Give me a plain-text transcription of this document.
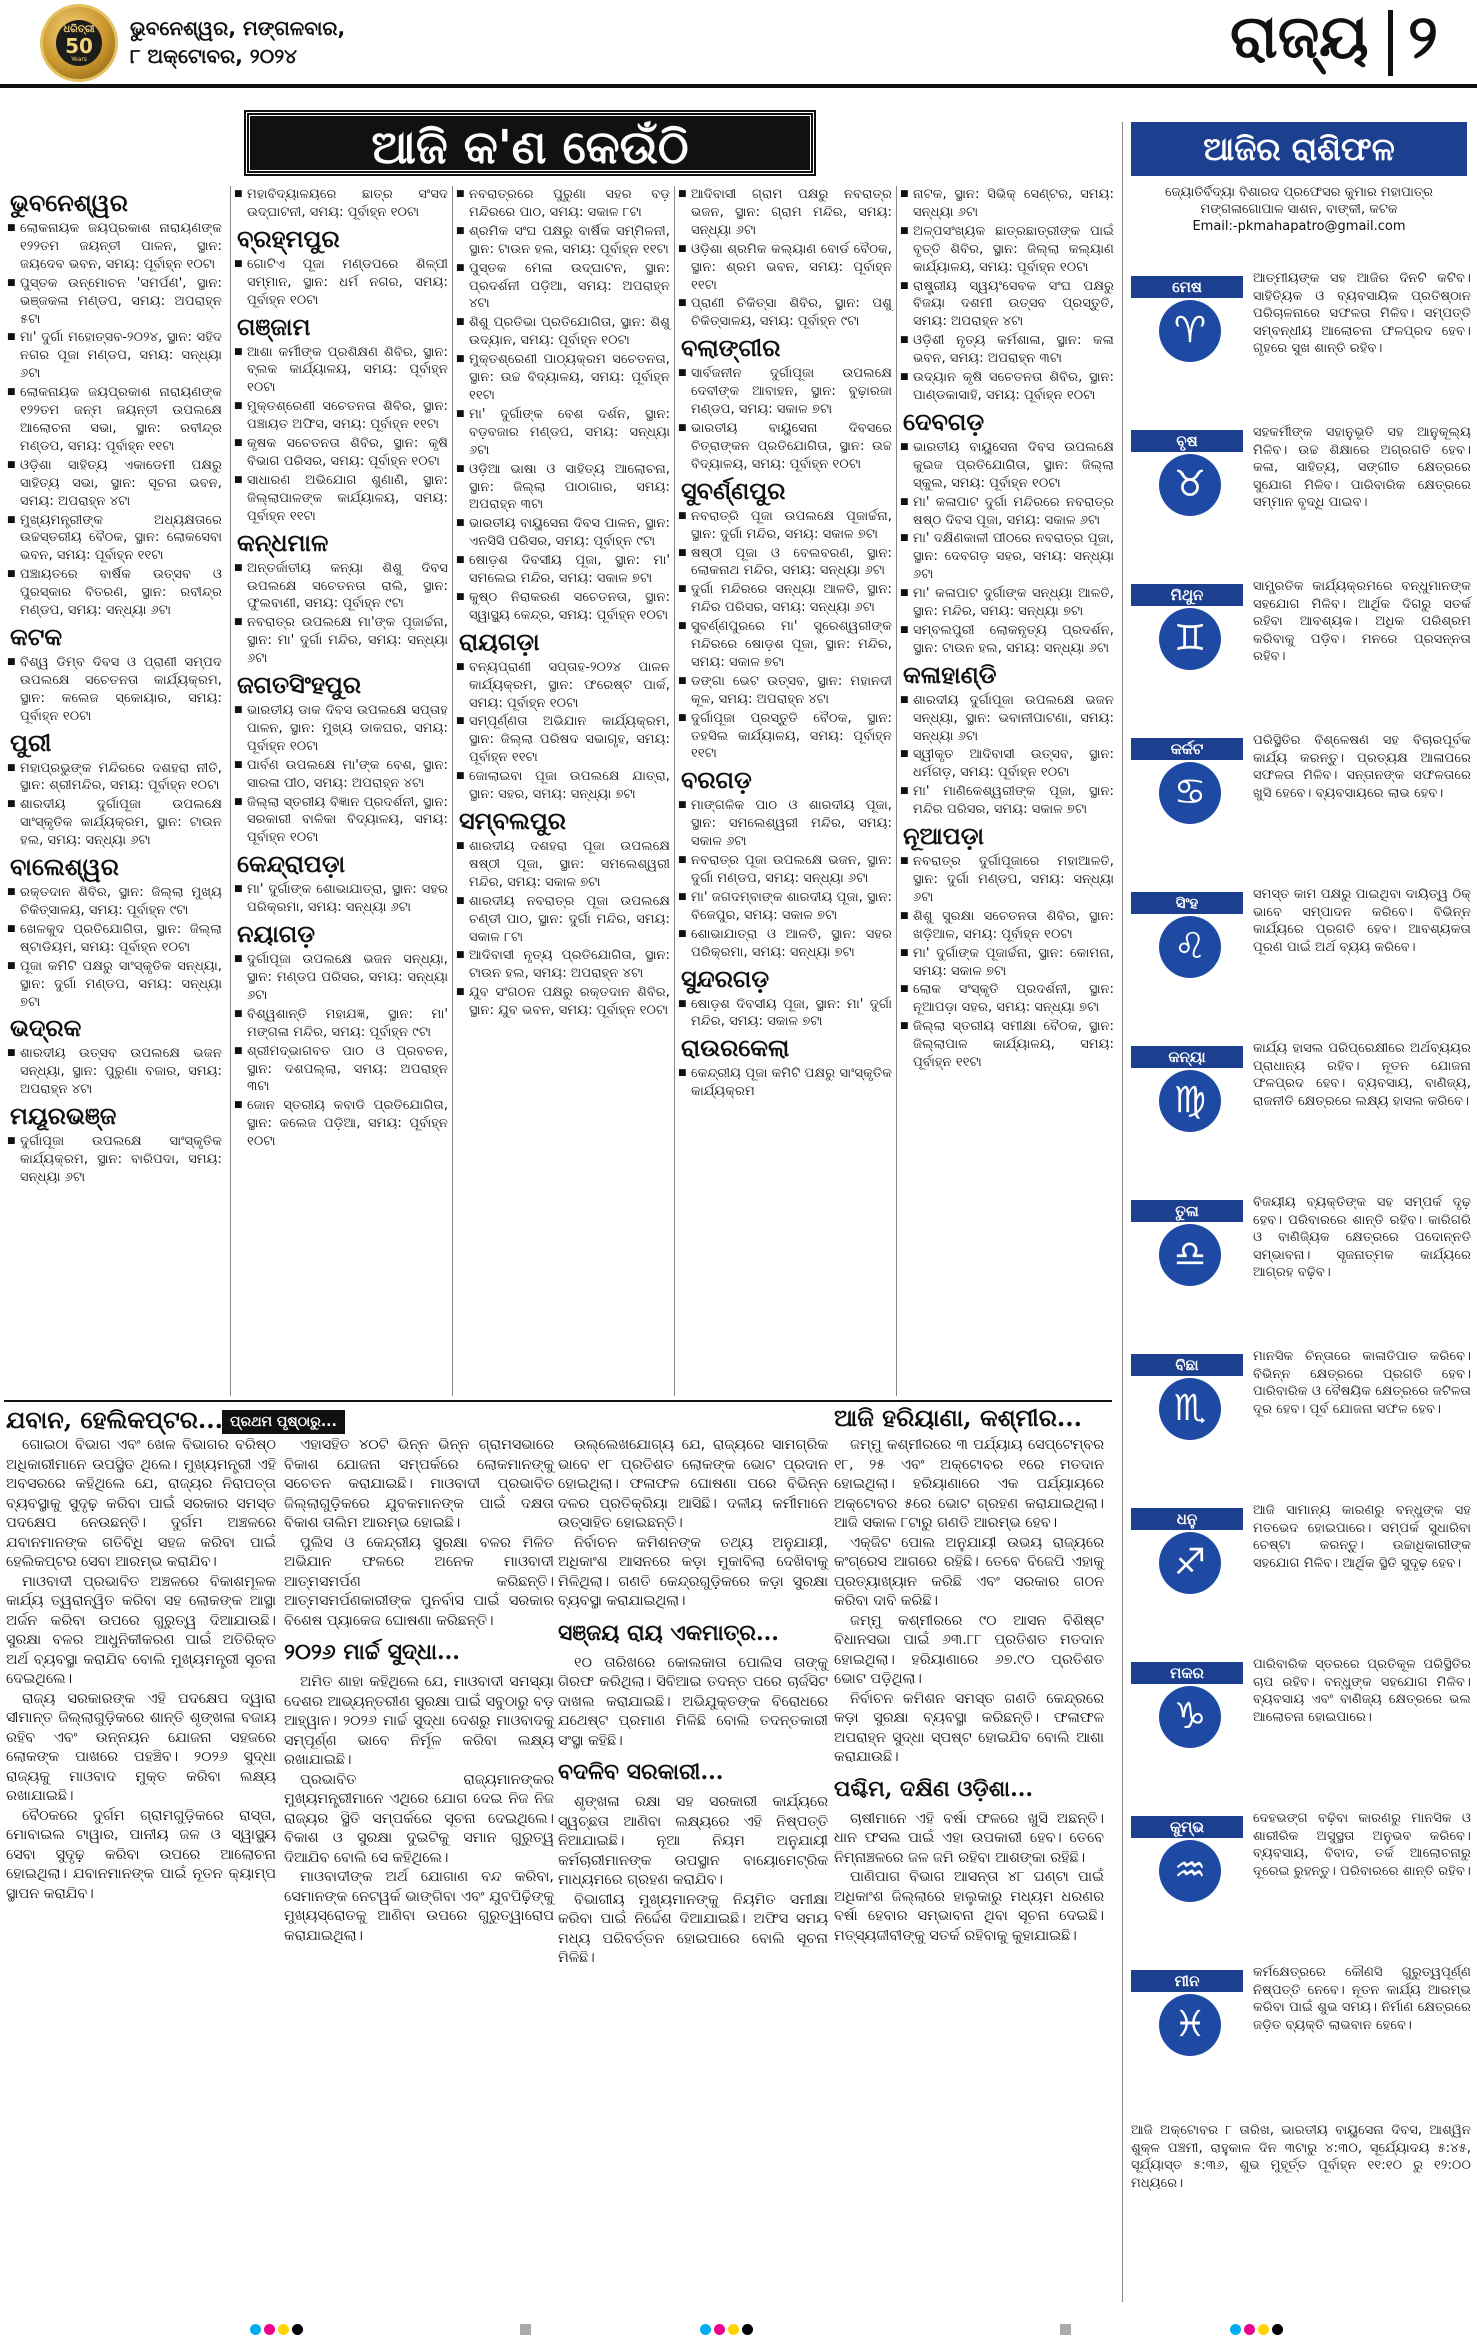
ଧରିତ୍ରୀ
50
Years
ଭୁବନେଶ୍ୱର, ମଙ୍ଗଳବାର,
୮ ଅକ୍ଟୋବର, ୨୦୨୪	ରାଜ୍ୟ ୨
ଆଜି କ'ଣ କେଉଁଠି
ଭୁବନେଶ୍ୱର
■ ଲୋକନାୟକ ଜୟପ୍ରକାଶ ନାରାୟଣଙ୍କ ୧୨୨ତମ ଜୟନ୍ତୀ ପାଳନ, ସ୍ଥାନ: ଜୟଦେବ ଭବନ, ସମୟ: ପୂର୍ବାହ୍ନ ୧୦ଟା
■ ପୁସ୍ତକ ଉନ୍ମୋଚନ 'ସମର୍ପଣ', ସ୍ଥାନ: ଭଞ୍ଜକଳା ମଣ୍ଡପ, ସମୟ: ଅପରାହ୍ନ ୫ଟା
■ ମା' ଦୁର୍ଗା ମହୋତ୍ସବ-୨୦୨୪, ସ୍ଥାନ: ସହିଦ ନଗର ପୂଜା ମଣ୍ଡପ, ସମୟ: ସନ୍ଧ୍ୟା ୬ଟା
■ ଲୋକନାୟକ ଜୟପ୍ରକାଶ ନାରାୟଣଙ୍କ ୧୨୨ତମ ଜନ୍ମ ଜୟନ୍ତୀ ଉପଲକ୍ଷେ ଆଲୋଚନା ସଭା, ସ୍ଥାନ: ରବୀନ୍ଦ୍ର ମଣ୍ଡପ, ସମୟ: ପୂର୍ବାହ୍ନ ୧୧ଟା
■ ଓଡ଼ିଶା ସାହିତ୍ୟ ଏକାଡେମୀ ପକ୍ଷରୁ ସାହିତ୍ୟ ସଭା, ସ୍ଥାନ: ସୂଚନା ଭବନ, ସମୟ: ଅପରାହ୍ନ ୪ଟା
■ ମୁଖ୍ୟମନ୍ତ୍ରୀଙ୍କ ଅଧ୍ୟକ୍ଷତାରେ ଉଚ୍ଚସ୍ତରୀୟ ବୈଠକ, ସ୍ଥାନ: ଲୋକସେବା ଭବନ, ସମୟ: ପୂର୍ବାହ୍ନ ୧୧ଟା
■ ପଞ୍ଚାୟତରେ ବାର୍ଷିକ ଉତ୍ସବ ଓ ପୁରସ୍କାର ବିତରଣ, ସ୍ଥାନ: ରବୀନ୍ଦ୍ର ମଣ୍ଡପ, ସମୟ: ସନ୍ଧ୍ୟା ୬ଟା
କଟକ
■ ବିଶ୍ୱ ଡିମ୍ବ ଦିବସ ଓ ପ୍ରାଣୀ ସମ୍ପଦ ଉପଲକ୍ଷେ ସଚେତନତା କାର୍ଯ୍ୟକ୍ରମ, ସ୍ଥାନ: କଲେଜ ସ୍କୋୟାର, ସମୟ: ପୂର୍ବାହ୍ନ ୧୦ଟା
ପୁରୀ
■ ମହାପ୍ରଭୁଙ୍କ ମନ୍ଦିରରେ ଦଶହରା ନୀତି, ସ୍ଥାନ: ଶ୍ରୀମନ୍ଦିର, ସମୟ: ପୂର୍ବାହ୍ନ ୧୦ଟା
■ ଶାରଦୀୟ ଦୁର୍ଗାପୂଜା ଉପଲକ୍ଷେ ସାଂସ୍କୃତିକ କାର୍ଯ୍ୟକ୍ରମ, ସ୍ଥାନ: ଟାଉନ ହଲ, ସମୟ: ସନ୍ଧ୍ୟା ୬ଟା
ବାଲେଶ୍ୱର
■ ରକ୍ତଦାନ ଶିବିର, ସ୍ଥାନ: ଜିଲ୍ଲା ମୁଖ୍ୟ ଚିକିତ୍ସାଳୟ, ସମୟ: ପୂର୍ବାହ୍ନ ୯ଟା
■ ଖେଳକୁଦ ପ୍ରତିଯୋଗିତା, ସ୍ଥାନ: ଜିଲ୍ଲା ଷ୍ଟାଡିୟମ, ସମୟ: ପୂର୍ବାହ୍ନ ୧୦ଟା
■ ପୂଜା କମିଟି ପକ୍ଷରୁ ସାଂସ୍କୃତିକ ସନ୍ଧ୍ୟା, ସ୍ଥାନ: ଦୁର୍ଗା ମଣ୍ଡପ, ସମୟ: ସନ୍ଧ୍ୟା ୭ଟା
ଭଦ୍ରକ
■ ଶାରଦୀୟ ଉତ୍ସବ ଉପଲକ୍ଷେ ଭଜନ ସନ୍ଧ୍ୟା, ସ୍ଥାନ: ପୁରୁଣା ବଜାର, ସମୟ: ଅପରାହ୍ନ ୪ଟା
ମୟୂରଭଞ୍ଜ
■ ଦୁର୍ଗାପୂଜା ଉପଲକ୍ଷେ ସାଂସ୍କୃତିକ କାର୍ଯ୍ୟକ୍ରମ, ସ୍ଥାନ: ବାରିପଦା, ସମୟ: ସନ୍ଧ୍ୟା ୬ଟା
■ ମହାବିଦ୍ୟାଳୟରେ ଛାତ୍ର ସଂସଦ ଉଦ୍‌ଘାଟନୀ, ସମୟ: ପୂର୍ବାହ୍ନ ୧୦ଟା
ବ୍ରହ୍ମପୁର
■ ଗୋଟିଏ ପୂଜା ମଣ୍ଡପରେ ଶିଳ୍ପୀ ସମ୍ମାନ, ସ୍ଥାନ: ଧର୍ମ ନଗର, ସମୟ: ପୂର୍ବାହ୍ନ ୧୦ଟା
ଗଞ୍ଜାମ
■ ଆଶା କର୍ମୀଙ୍କ ପ୍ରଶିକ୍ଷଣ ଶିବିର, ସ୍ଥାନ: ବ୍ଲକ କାର୍ଯ୍ୟାଳୟ, ସମୟ: ପୂର୍ବାହ୍ନ ୧୦ଟା
■ ମୁକ୍ତଶ୍ରେଣୀ ସଚେତନତା ଶିବିର, ସ୍ଥାନ: ପଞ୍ଚାୟତ ଅଫିସ, ସମୟ: ପୂର୍ବାହ୍ନ ୧୧ଟା
■ କୃଷକ ସଚେତନତା ଶିବିର, ସ୍ଥାନ: କୃଷି ବିଭାଗ ପରିସର, ସମୟ: ପୂର୍ବାହ୍ନ ୧୦ଟା
■ ସାଧାରଣ ଅଭିଯୋଗ ଶୁଣାଣି, ସ୍ଥାନ: ଜିଲ୍ଲାପାଳଙ୍କ କାର୍ଯ୍ୟାଳୟ, ସମୟ: ପୂର୍ବାହ୍ନ ୧୧ଟା
କନ୍ଧମାଳ
■ ଅନ୍ତର୍ଜାତୀୟ କନ୍ୟା ଶିଶୁ ଦିବସ ଉପଲକ୍ଷେ ସଚେତନତା ରାଲି, ସ୍ଥାନ: ଫୁଲବାଣୀ, ସମୟ: ପୂର୍ବାହ୍ନ ୯ଟା
■ ନବରାତ୍ର ଉପଲକ୍ଷେ ମା'ଙ୍କ ପୂଜାର୍ଚ୍ଚନା, ସ୍ଥାନ: ମା' ଦୁର୍ଗା ମନ୍ଦିର, ସମୟ: ସନ୍ଧ୍ୟା ୬ଟା
ଜଗତସିଂହପୁର
■ ଭାରତୀୟ ଡାକ ଦିବସ ଉପଲକ୍ଷେ ସପ୍ତାହ ପାଳନ, ସ୍ଥାନ: ମୁଖ୍ୟ ଡାକଘର, ସମୟ: ପୂର୍ବାହ୍ନ ୧୦ଟା
■ ପାର୍ବଣ ଉପଲକ୍ଷେ ମା'ଙ୍କ ବେଶ, ସ୍ଥାନ: ସାରଳା ପୀଠ, ସମୟ: ଅପରାହ୍ନ ୪ଟା
■ ଜିଲ୍ଲା ସ୍ତରୀୟ ବିଜ୍ଞାନ ପ୍ରଦର୍ଶନୀ, ସ୍ଥାନ: ସରକାରୀ ବାଳିକା ବିଦ୍ୟାଳୟ, ସମୟ: ପୂର୍ବାହ୍ନ ୧୦ଟା
କେନ୍ଦ୍ରାପଡ଼ା
■ ମା' ଦୁର୍ଗାଙ୍କ ଶୋଭାଯାତ୍ରା, ସ୍ଥାନ: ସହର ପରିକ୍ରମା, ସମୟ: ସନ୍ଧ୍ୟା ୬ଟା
ନୟାଗଡ଼
■ ଦୁର୍ଗାପୂଜା ଉପଲକ୍ଷେ ଭଜନ ସନ୍ଧ୍ୟା, ସ୍ଥାନ: ମଣ୍ଡପ ପରିସର, ସମୟ: ସନ୍ଧ୍ୟା ୬ଟା
■ ବିଶ୍ୱଶାନ୍ତି ମହାଯଜ୍ଞ, ସ୍ଥାନ: ମା' ମଙ୍ଗଳା ମନ୍ଦିର, ସମୟ: ପୂର୍ବାହ୍ନ ୯ଟା
■ ଶ୍ରୀମଦ୍ଭାଗବତ ପାଠ ଓ ପ୍ରବଚନ, ସ୍ଥାନ: ଦଶପଲ୍ଲା, ସମୟ: ଅପରାହ୍ନ ୩ଟା
■ ଜୋନ ସ୍ତରୀୟ କବାଡି ପ୍ରତିଯୋଗିତା, ସ୍ଥାନ: କଲେଜ ପଡ଼ିଆ, ସମୟ: ପୂର୍ବାହ୍ନ ୧୦ଟା
■ ନବରାତ୍ରରେ ପୁରୁଣା ସହର ବଡ଼ ମନ୍ଦିରରେ ପାଠ, ସମୟ: ସକାଳ ୮ଟା
■ ଶ୍ରମିକ ସଂଘ ପକ୍ଷରୁ ବାର୍ଷିକ ସମ୍ମିଳନୀ, ସ୍ଥାନ: ଟାଉନ ହଲ, ସମୟ: ପୂର୍ବାହ୍ନ ୧୧ଟା
■ ପୁସ୍ତକ ମେଳା ଉଦ୍‌ଘାଟନ, ସ୍ଥାନ: ପ୍ରଦର୍ଶନୀ ପଡ଼ିଆ, ସମୟ: ଅପରାହ୍ନ ୪ଟା
■ ଶିଶୁ ପ୍ରତିଭା ପ୍ରତିଯୋଗିତା, ସ୍ଥାନ: ଶିଶୁ ଉଦ୍ୟାନ, ସମୟ: ପୂର୍ବାହ୍ନ ୧୦ଟା
■ ମୁକ୍ତଶ୍ରେଣୀ ପାଠ୍ୟକ୍ରମ ସଚେତନତା, ସ୍ଥାନ: ଉଚ୍ଚ ବିଦ୍ୟାଳୟ, ସମୟ: ପୂର୍ବାହ୍ନ ୧୧ଟା
■ ମା' ଦୁର୍ଗାଙ୍କ ବେଶ ଦର୍ଶନ, ସ୍ଥାନ: ବଡ଼ବଜାର ମଣ୍ଡପ, ସମୟ: ସନ୍ଧ୍ୟା ୬ଟା
■ ଓଡ଼ିଆ ଭାଷା ଓ ସାହିତ୍ୟ ଆଲୋଚନା, ସ୍ଥାନ: ଜିଲ୍ଲା ପାଠାଗାର, ସମୟ: ଅପରାହ୍ନ ୩ଟା
■ ଭାରତୀୟ ବାୟୁସେନା ଦିବସ ପାଳନ, ସ୍ଥାନ: ଏନସିସି ପରିସର, ସମୟ: ପୂର୍ବାହ୍ନ ୯ଟା
■ ଷୋଡ଼ଶ ଦିବସୀୟ ପୂଜା, ସ୍ଥାନ: ମା' ସମଲେଇ ମନ୍ଦିର, ସମୟ: ସକାଳ ୭ଟା
■ କୁଷ୍ଠ ନିରାକରଣ ସଚେତନତା, ସ୍ଥାନ: ସ୍ୱାସ୍ଥ୍ୟ କେନ୍ଦ୍ର, ସମୟ: ପୂର୍ବାହ୍ନ ୧୦ଟା
ରାୟଗଡ଼ା
■ ବନ୍ୟପ୍ରାଣୀ ସପ୍ତାହ-୨୦୨୪ ପାଳନ କାର୍ଯ୍ୟକ୍ରମ, ସ୍ଥାନ: ଫରେଷ୍ଟ ପାର୍କ, ସମୟ: ପୂର୍ବାହ୍ନ ୧୦ଟା
■ ସମ୍ପୂର୍ଣ୍ଣତା ଅଭିଯାନ କାର୍ଯ୍ୟକ୍ରମ, ସ୍ଥାନ: ଜିଲ୍ଲା ପରିଷଦ ସଭାଗୃହ, ସମୟ: ପୂର୍ବାହ୍ନ ୧୧ଟା
■ ଜୋଲାଇବା ପୂଜା ଉପଲକ୍ଷେ ଯାତ୍ରା, ସ୍ଥାନ: ସହର, ସମୟ: ସନ୍ଧ୍ୟା ୭ଟା
ସମ୍ବଲପୁର
■ ଶାରଦୀୟ ଦଶହରା ପୂଜା ଉପଲକ୍ଷେ ଷଷ୍ଠୀ ପୂଜା, ସ୍ଥାନ: ସମଲେଶ୍ୱରୀ ମନ୍ଦିର, ସମୟ: ସକାଳ ୭ଟା
■ ଶାରଦୀୟ ନବରାତ୍ର ପୂଜା ଉପଲକ୍ଷେ ଚଣ୍ଡୀ ପାଠ, ସ୍ଥାନ: ଦୁର୍ଗା ମନ୍ଦିର, ସମୟ: ସକାଳ ୮ଟା
■ ଆଦିବାସୀ ନୃତ୍ୟ ପ୍ରତିଯୋଗିତା, ସ୍ଥାନ: ଟାଉନ ହଲ, ସମୟ: ଅପରାହ୍ନ ୪ଟା
■ ଯୁବ ସଂଗଠନ ପକ୍ଷରୁ ରକ୍ତଦାନ ଶିବିର, ସ୍ଥାନ: ଯୁବ ଭବନ, ସମୟ: ପୂର୍ବାହ୍ନ ୧୦ଟା
■ ଆଦିବାସୀ ଗ୍ରାମ ପକ୍ଷରୁ ନବରାତ୍ର ଭଜନ, ସ୍ଥାନ: ଗ୍ରାମ ମନ୍ଦିର, ସମୟ: ସନ୍ଧ୍ୟା ୬ଟା
■ ଓଡ଼ିଶା ଶ୍ରମିକ କଲ୍ୟାଣ ବୋର୍ଡ ବୈଠକ, ସ୍ଥାନ: ଶ୍ରମ ଭବନ, ସମୟ: ପୂର୍ବାହ୍ନ ୧୧ଟା
■ ପ୍ରାଣୀ ଚିକିତ୍ସା ଶିବିର, ସ୍ଥାନ: ପଶୁ ଚିକିତ୍ସାଳୟ, ସମୟ: ପୂର୍ବାହ୍ନ ୯ଟା
ବଲାଙ୍ଗୀର
■ ସାର୍ବଜନୀନ ଦୁର୍ଗାପୂଜା ଉପଲକ୍ଷେ ଦେବୀଙ୍କ ଆବାହନ, ସ୍ଥାନ: ବୁଢ଼ାରଜା ମଣ୍ଡପ, ସମୟ: ସକାଳ ୭ଟା
■ ଭାରତୀୟ ବାୟୁସେନା ଦିବସରେ ଚିତ୍ରାଙ୍କନ ପ୍ରତିଯୋଗିତା, ସ୍ଥାନ: ଉଚ୍ଚ ବିଦ୍ୟାଳୟ, ସମୟ: ପୂର୍ବାହ୍ନ ୧୦ଟା
ସୁବର୍ଣ୍ଣପୁର
■ ନବରାତ୍ରି ପୂଜା ଉପଲକ୍ଷେ ପୂଜାର୍ଚ୍ଚନା, ସ୍ଥାନ: ଦୁର୍ଗା ମନ୍ଦିର, ସମୟ: ସକାଳ ୭ଟା
■ ଷଷ୍ଠୀ ପୂଜା ଓ ବେଲବରଣ, ସ୍ଥାନ: ଲୋକନାଥ ମନ୍ଦିର, ସମୟ: ସନ୍ଧ୍ୟା ୬ଟା
■ ଦୁର୍ଗା ମନ୍ଦିରରେ ସନ୍ଧ୍ୟା ଆଳତି, ସ୍ଥାନ: ମନ୍ଦିର ପରିସର, ସମୟ: ସନ୍ଧ୍ୟା ୬ଟା
■ ସୁବର୍ଣ୍ଣପୁରରେ ମା' ସୁରେଶ୍ୱରୀଙ୍କ ମନ୍ଦିରରେ ଷୋଡ଼ଶ ପୂଜା, ସ୍ଥାନ: ମନ୍ଦିର, ସମୟ: ସକାଳ ୭ଟା
■ ଡଙ୍ଗା ଭେଟ ଉତ୍ସବ, ସ୍ଥାନ: ମହାନଦୀ କୂଳ, ସମୟ: ଅପରାହ୍ନ ୪ଟା
■ ଦୁର୍ଗାପୂଜା ପ୍ରସ୍ତୁତି ବୈଠକ, ସ୍ଥାନ: ତହସିଲ କାର୍ଯ୍ୟାଳୟ, ସମୟ: ପୂର୍ବାହ୍ନ ୧୧ଟା
ବରଗଡ଼
■ ମାଙ୍ଗଳିକ ପାଠ ଓ ଶାରଦୀୟ ପୂଜା, ସ୍ଥାନ: ସମଲେଶ୍ୱରୀ ମନ୍ଦିର, ସମୟ: ସକାଳ ୬ଟା
■ ନବରାତ୍ର ପୂଜା ଉପଲକ୍ଷେ ଭଜନ, ସ୍ଥାନ: ଦୁର୍ଗା ମଣ୍ଡପ, ସମୟ: ସନ୍ଧ୍ୟା ୬ଟା
■ ମା' ଜଗଦମ୍ବାଙ୍କ ଶାରଦୀୟ ପୂଜା, ସ୍ଥାନ: ବିଜେପୁର, ସମୟ: ସକାଳ ୭ଟା
■ ଶୋଭାଯାତ୍ରା ଓ ଆଳତି, ସ୍ଥାନ: ସହର ପରିକ୍ରମା, ସମୟ: ସନ୍ଧ୍ୟା ୭ଟା
ସୁନ୍ଦରଗଡ଼
■ ଷୋଡ଼ଶ ଦିବସୀୟ ପୂଜା, ସ୍ଥାନ: ମା' ଦୁର୍ଗା ମନ୍ଦିର, ସମୟ: ସକାଳ ୭ଟା
ରାଉରକେଲା
■ କେନ୍ଦ୍ରୀୟ ପୂଜା କମିଟି ପକ୍ଷରୁ ସାଂସ୍କୃତିକ କାର୍ଯ୍ୟକ୍ରମ
■ ନାଟକ, ସ୍ଥାନ: ସିଭିକ୍ ସେଣ୍ଟର, ସମୟ: ସନ୍ଧ୍ୟା ୬ଟା
■ ଅଳ୍ପସଂଖ୍ୟକ ଛାତ୍ରଛାତ୍ରୀଙ୍କ ପାଇଁ ବୃତ୍ତି ଶିବିର, ସ୍ଥାନ: ଜିଲ୍ଲା କଲ୍ୟାଣ କାର୍ଯ୍ୟାଳୟ, ସମୟ: ପୂର୍ବାହ୍ନ ୧୦ଟା
■ ରାଷ୍ଟ୍ରୀୟ ସ୍ୱୟଂସେବକ ସଂଘ ପକ୍ଷରୁ ବିଜୟା ଦଶମୀ ଉତ୍ସବ ପ୍ରସ୍ତୁତି, ସମୟ: ଅପରାହ୍ନ ୪ଟା
■ ଓଡ଼ିଶୀ ନୃତ୍ୟ କର୍ମଶାଳା, ସ୍ଥାନ: କଳା ଭବନ, ସମୟ: ଅପରାହ୍ନ ୩ଟା
■ ଉଦ୍ୟାନ କୃଷି ସଚେତନତା ଶିବିର, ସ୍ଥାନ: ପାଣ୍ଡକାସାହି, ସମୟ: ପୂର୍ବାହ୍ନ ୧୦ଟା
ଦେବଗଡ଼
■ ଭାରତୀୟ ବାୟୁସେନା ଦିବସ ଉପଲକ୍ଷେ କୁଇଜ ପ୍ରତିଯୋଗିତା, ସ୍ଥାନ: ଜିଲ୍ଲା ସ୍କୁଲ, ସମୟ: ପୂର୍ବାହ୍ନ ୧୦ଟା
■ ମା' କଳାପାଟ ଦୁର୍ଗା ମନ୍ଦିରରେ ନବରାତ୍ର ଷଷ୍ଠ ଦିବସ ପୂଜା, ସମୟ: ସକାଳ ୬ଟା
■ ମା' ଦକ୍ଷିଣକାଳୀ ପୀଠରେ ନବରାତ୍ର ପୂଜା, ସ୍ଥାନ: ଦେବଗଡ଼ ସହର, ସମୟ: ସନ୍ଧ୍ୟା ୬ଟା
■ ମା' କଳାପାଟ ଦୁର୍ଗାଙ୍କ ସନ୍ଧ୍ୟା ଆଳତି, ସ୍ଥାନ: ମନ୍ଦିର, ସମୟ: ସନ୍ଧ୍ୟା ୭ଟା
■ ସମ୍ବଲପୁରୀ ଲୋକନୃତ୍ୟ ପ୍ରଦର୍ଶନ, ସ୍ଥାନ: ଟାଉନ ହଲ, ସମୟ: ସନ୍ଧ୍ୟା ୬ଟା
କଳାହାଣ୍ଡି
■ ଶାରଦୀୟ ଦୁର୍ଗାପୂଜା ଉପଲକ୍ଷେ ଭଜନ ସନ୍ଧ୍ୟା, ସ୍ଥାନ: ଭବାନୀପାଟଣା, ସମୟ: ସନ୍ଧ୍ୟା ୬ଟା
■ ସ୍ୱୀକୃତ ଆଦିବାସୀ ଉତ୍ସବ, ସ୍ଥାନ: ଧର୍ମଗଡ଼, ସମୟ: ପୂର୍ବାହ୍ନ ୧୦ଟା
■ ମା' ମାଣିକେଶ୍ୱରୀଙ୍କ ପୂଜା, ସ୍ଥାନ: ମନ୍ଦିର ପରିସର, ସମୟ: ସକାଳ ୭ଟା
ନୂଆପଡ଼ା
■ ନବରାତ୍ର ଦୁର୍ଗାପୂଜାରେ ମହାଆଳତି, ସ୍ଥାନ: ଦୁର୍ଗା ମଣ୍ଡପ, ସମୟ: ସନ୍ଧ୍ୟା ୬ଟା
■ ଶିଶୁ ସୁରକ୍ଷା ସଚେତନତା ଶିବିର, ସ୍ଥାନ: ଖଡ଼ିଆଳ, ସମୟ: ପୂର୍ବାହ୍ନ ୧୦ଟା
■ ମା' ଦୁର୍ଗାଙ୍କ ପୂଜାର୍ଚ୍ଚନା, ସ୍ଥାନ: କୋମନା, ସମୟ: ସକାଳ ୭ଟା
■ ଲୋକ ସଂସ୍କୃତି ପ୍ରଦର୍ଶନୀ, ସ୍ଥାନ: ନୂଆପଡ଼ା ସହର, ସମୟ: ସନ୍ଧ୍ୟା ୭ଟା
■ ଜିଲ୍ଲା ସ୍ତରୀୟ ସମୀକ୍ଷା ବୈଠକ, ସ୍ଥାନ: ଜିଲ୍ଲାପାଳ କାର୍ଯ୍ୟାଳୟ, ସମୟ: ପୂର୍ବାହ୍ନ ୧୧ଟା
ଆଜିର ରାଶିଫଳ
ଜ୍ୟୋତିର୍ବିଦ୍ୟା ବିଶାରଦ ପ୍ରଫେସର କୁମାର ମହାପାତ୍ର
ମଙ୍ଗଳାଗୋପାଳ ସାଶନ, ବାଙ୍କୀ, କଟକ
Email:-pkmahapatro@gmail.com
ମେଷ
♈
ଆତ୍ମୀୟଙ୍କ ସହ ଆଜିର ଦିନଟି କଟିବ। ସାହିତ୍ୟିକ ଓ ବ୍ୟବସାୟିକ ପ୍ରତିଷ୍ଠାନ ପରିଚାଳନାରେ ସଫଳତା ମିଳିବ। ସମ୍ପତ୍ତି ସମ୍ବନ୍ଧୀୟ ଆଲୋଚନା ଫଳପ୍ରଦ ହେବ। ଗୃହରେ ସୁଖ ଶାନ୍ତି ରହିବ।
ବୃଷ
♉
ସହକର୍ମୀଙ୍କ ସହାନୁଭୂତି ସହ ଆନୁକୂଲ୍ୟ ମିଳିବ। ଉଚ୍ଚ ଶିକ୍ଷାରେ ଅଗ୍ରଗତି ହେବ। କଳା, ସାହିତ୍ୟ, ସଙ୍ଗୀତ କ୍ଷେତ୍ରରେ ସୁଯୋଗ ମିଳିବ। ପାରିବାରିକ କ୍ଷେତ୍ରରେ ସମ୍ମାନ ବୃଦ୍ଧି ପାଇବ।
ମିଥୁନ
♊
ସାମ୍ପ୍ରତିକ କାର୍ଯ୍ୟକ୍ରମରେ ବନ୍ଧୁମାନଙ୍କ ସହଯୋଗ ମିଳିବ। ଆର୍ଥିକ ଦିଗରୁ ସତର୍କ ରହିବା ଆବଶ୍ୟକ। ଅଧିକ ପରିଶ୍ରମ କରିବାକୁ ପଡ଼ିବ। ମନରେ ପ୍ରସନ୍ନତା ରହିବ।
କର୍କଟ
♋
ପରିସ୍ଥିତିର ବିଶ୍ଳେଷଣ ସହ ବିଚାରପୂର୍ବକ କାର୍ଯ୍ୟ କରନ୍ତୁ। ପ୍ରତ୍ୟକ୍ଷ ଆଳାପରେ ସଫଳତା ମିଳିବ। ସନ୍ତାନଙ୍କ ସଫଳତାରେ ଖୁସି ହେବେ। ବ୍ୟବସାୟରେ ଲାଭ ହେବ।
ସିଂହ
♌
ସମସ୍ତ କାମ ପକ୍ଷରୁ ପାଇଥିବା ଦାୟିତ୍ୱ ଠିକ୍ ଭାବେ ସମ୍ପାଦନ କରିବେ। ବିଭିନ୍ନ କାର୍ଯ୍ୟରେ ପ୍ରଗତି ହେବ। ଆବଶ୍ୟକତା ପୂରଣ ପାଇଁ ଅର୍ଥ ବ୍ୟୟ କରିବେ।
କନ୍ୟା
♍
କାର୍ଯ୍ୟ ହାସଲ ପରିପ୍ରେକ୍ଷୀରେ ଅର୍ଥବ୍ୟୟର ପ୍ରାଧାନ୍ୟ ରହିବ। ନୂତନ ଯୋଜନା ଫଳପ୍ରଦ ହେବ। ବ୍ୟବସାୟ, ବାଣିଜ୍ୟ, ରାଜନୀତି କ୍ଷେତ୍ରରେ ଲକ୍ଷ୍ୟ ହାସଲ କରିବେ।
ତୁଳା
♎
ବିଜୟୀୟ ବ୍ୟକ୍ତିଙ୍କ ସହ ସମ୍ପର୍କ ଦୃଢ଼ ହେବ। ପରିବାରରେ ଶାନ୍ତି ରହିବ। କାରିଗରି ଓ ବାଣିଜ୍ୟିକ କ୍ଷେତ୍ରରେ ପଦୋନ୍ନତି ସମ୍ଭାବନା। ସୃଜନାତ୍ମକ କାର୍ଯ୍ୟରେ ଆଗ୍ରହ ବଢ଼ିବ।
ବିଛା
♏
ମାନସିକ ଚିନ୍ତାରେ କାଳାତିପାତ କରିବେ। ବିଭିନ୍ନ କ୍ଷେତ୍ରରେ ପ୍ରଗତି ହେବ। ପାରିବାରିକ ଓ ବୈଷୟିକ କ୍ଷେତ୍ରରେ ଜଟିଳତା ଦୂର ହେବ। ପୂର୍ବ ଯୋଜନା ସଫଳ ହେବ।
ଧନୁ
♐
ଆଜି ସାମାନ୍ୟ କାରଣରୁ ବନ୍ଧୁଙ୍କ ସହ ମତଭେଦ ହୋଇପାରେ। ସମ୍ପର୍କ ସୁଧାରିବା ଚେଷ୍ଟା କରନ୍ତୁ। ଉଚ୍ଚାଧିକାରୀଙ୍କ ସହଯୋଗ ମିଳିବ। ଆର୍ଥିକ ସ୍ଥିତି ସୁଦୃଢ଼ ହେବ।
ମକର
♑
ପାରିବାରିକ ସ୍ତରରେ ପ୍ରତିକୂଳ ପରିସ୍ଥିତିର ଚାପ ରହିବ। ବନ୍ଧୁଙ୍କ ସହଯୋଗ ମିଳିବ। ବ୍ୟବସାୟ ଏବଂ ବାଣିଜ୍ୟ କ୍ଷେତ୍ରରେ ଭଲ ଆଲୋଚନା ହୋଇପାରେ।
କୁମ୍ଭ
♒
ଦେହଭଙ୍ଗ ବଢ଼ିବା କାରଣରୁ ମାନସିକ ଓ ଶାରୀରିକ ଅସୁସ୍ଥତା ଅନୁଭବ କରିବେ। ବ୍ୟବସାୟ, ବିବାଦ, ତର୍କ ଆଲୋଚନାରୁ ଦୂରେଇ ରୁହନ୍ତୁ। ପରିବାରରେ ଶାନ୍ତି ରହିବ।
ମୀନ
♓
କର୍ମକ୍ଷେତ୍ରରେ କୌଣସି ଗୁରୁତ୍ୱପୂର୍ଣ୍ଣ ନିଷ୍ପତ୍ତି ନେବେ। ନୂତନ କାର୍ଯ୍ୟ ଆରମ୍ଭ କରିବା ପାଇଁ ଶୁଭ ସମୟ। ନିର୍ମାଣ କ୍ଷେତ୍ରରେ ଜଡ଼ିତ ବ୍ୟକ୍ତି ଲାଭବାନ ହେବେ।
ଆଜି ଅକ୍ଟୋବର ୮ ତାରିଖ, ଭାରତୀୟ ବାୟୁସେନା ଦିବସ, ଆଶ୍ୱିନ ଶୁକ୍ଳ ପଞ୍ଚମୀ, ରାହୁକାଳ ଦିନ ୩ଟାରୁ ୪:୩୦, ସୂର୍ଯ୍ୟୋଦୟ ୫:୪୫, ସୂର୍ଯ୍ୟାସ୍ତ ୫:୩୬, ଶୁଭ ମୁହୂର୍ତ୍ତ ପୂର୍ବାହ୍ନ ୧୧:୧୦ ରୁ ୧୨:୦୦ ମଧ୍ୟରେ।
ପ୍ରଥମ ପୃଷ୍ଠାରୁ...
ଯବାନ, ହେଲିକପ୍ଟର...

ଗୋଇଠା ବିଭାଗ ଏବଂ ଖେଳ ବିଭାଗର ବରିଷ୍ଠ ଅଧିକାରୀମାନେ ଉପସ୍ଥିତ ଥିଲେ। ମୁଖ୍ୟମନ୍ତ୍ରୀ ଏହି ଅବସରରେ କହିଥିଲେ ଯେ, ରାଜ୍ୟର ନିରାପତ୍ତା ବ୍ୟବସ୍ଥାକୁ ସୁଦୃଢ଼ କରିବା ପାଇଁ ସରକାର ସମସ୍ତ ପଦକ୍ଷେପ ନେଉଛନ୍ତି। ଦୁର୍ଗମ ଅଞ୍ଚଳରେ ଯବାନମାନଙ୍କ ଗତିବିଧି ସହଜ କରିବା ପାଇଁ ହେଲିକପ୍ଟର ସେବା ଆରମ୍ଭ କରାଯିବ।

ମାଓବାଦୀ ପ୍ରଭାବିତ ଅଞ୍ଚଳରେ ବିକାଶମୂଳକ କାର୍ଯ୍ୟ ତ୍ୱରାନ୍ୱିତ କରିବା ସହ ଲୋକଙ୍କ ଆସ୍ଥା ଅର୍ଜନ କରିବା ଉପରେ ଗୁରୁତ୍ୱ ଦିଆଯାଉଛି। ସୁରକ୍ଷା ବଳର ଆଧୁନିକୀକରଣ ପାଇଁ ଅତିରିକ୍ତ ଅର୍ଥ ବ୍ୟବସ୍ଥା କରାଯିବ ବୋଲି ମୁଖ୍ୟମନ୍ତ୍ରୀ ସୂଚନା ଦେଇଥିଲେ।

ରାଜ୍ୟ ସରକାରଙ୍କ ଏହି ପଦକ୍ଷେପ ଦ୍ୱାରା ସୀମାନ୍ତ ଜିଲ୍ଲାଗୁଡ଼ିକରେ ଶାନ୍ତି ଶୃଙ୍ଖଳା ବଜାୟ ରହିବ ଏବଂ ଉନ୍ନୟନ ଯୋଜନା ସହଜରେ ଲୋକଙ୍କ ପାଖରେ ପହଞ୍ଚିବ। ୨୦୨୬ ସୁଦ୍ଧା ରାଜ୍ୟକୁ ମାଓବାଦ ମୁକ୍ତ କରିବା ଲକ୍ଷ୍ୟ ରଖାଯାଇଛି।

ବୈଠକରେ ଦୁର୍ଗମ ଗ୍ରାମଗୁଡ଼ିକରେ ରାସ୍ତା, ମୋବାଇଲ ଟାୱାର, ପାନୀୟ ଜଳ ଓ ସ୍ୱାସ୍ଥ୍ୟ ସେବା ସୁଦୃଢ଼ କରିବା ଉପରେ ଆଲୋଚନା ହୋଇଥିଲା। ଯବାନମାନଙ୍କ ପାଇଁ ନୂତନ କ୍ୟାମ୍ପ ସ୍ଥାପନ କରାଯିବ।

ଏହାସହିତ ୪୦ଟି ଭିନ୍ନ ଭିନ୍ନ ଗ୍ରାମସଭାରେ ବିକାଶ ଯୋଜନା ସମ୍ପର୍କରେ ଲୋକମାନଙ୍କୁ ସଚେତନ କରାଯାଇଛି। ମାଓବାଦୀ ପ୍ରଭାବିତ ଜିଲ୍ଲାଗୁଡ଼ିକରେ ଯୁବକମାନଙ୍କ ପାଇଁ ଦକ୍ଷତା ବିକାଶ ତାଲିମ ଆରମ୍ଭ ହୋଇଛି।

ପୁଲିସ ଓ କେନ୍ଦ୍ରୀୟ ସୁରକ୍ଷା ବଳର ମିଳିତ ଅଭିଯାନ ଫଳରେ ଅନେକ ମାଓବାଦୀ ଆତ୍ମସମର୍ପଣ କରିଛନ୍ତି। ଆତ୍ମସମର୍ପଣକାରୀଙ୍କ ପୁନର୍ବାସ ପାଇଁ ସରକାର ବିଶେଷ ପ୍ୟାକେଜ ଘୋଷଣା କରିଛନ୍ତି।

୨୦୨୬ ମାର୍ଚ୍ଚ ସୁଦ୍ଧା...

ଅମିତ ଶାହା କହିଥିଲେ ଯେ, ମାଓବାଦୀ ସମସ୍ୟା ଦେଶର ଆଭ୍ୟନ୍ତରୀଣ ସୁରକ୍ଷା ପାଇଁ ସବୁଠାରୁ ବଡ଼ ଆହ୍ୱାନ। ୨୦୨୬ ମାର୍ଚ୍ଚ ସୁଦ୍ଧା ଦେଶରୁ ମାଓବାଦକୁ ସମ୍ପୂର୍ଣ୍ଣ ଭାବେ ନିର୍ମୂଳ କରିବା ଲକ୍ଷ୍ୟ ରଖାଯାଇଛି।

ପ୍ରଭାବିତ ରାଜ୍ୟମାନଙ୍କର ମୁଖ୍ୟମନ୍ତ୍ରୀମାନେ ଏଥିରେ ଯୋଗ ଦେଇ ନିଜ ନିଜ ରାଜ୍ୟର ସ୍ଥିତି ସମ୍ପର୍କରେ ସୂଚନା ଦେଇଥିଲେ। ବିକାଶ ଓ ସୁରକ୍ଷା ଦୁଇଟିକୁ ସମାନ ଗୁରୁତ୍ୱ ଦିଆଯିବ ବୋଲି ସେ କହିଥିଲେ।

ମାଓବାଦୀଙ୍କ ଅର୍ଥ ଯୋଗାଣ ବନ୍ଦ କରିବା, ସେମାନଙ୍କ ନେଟୱର୍କ ଭାଙ୍ଗିବା ଏବଂ ଯୁବପିଢ଼ିଙ୍କୁ ମୁଖ୍ୟସ୍ରୋତକୁ ଆଣିବା ଉପରେ ଗୁରୁତ୍ୱାରୋପ କରାଯାଇଥିଲା।

ଉଲ୍ଲେଖଯୋଗ୍ୟ ଯେ, ରାଜ୍ୟରେ ସାମଗ୍ରିକ ଭାବେ ୧୮ ପ୍ରତିଶତ ଲୋକଙ୍କ ଭୋଟ ପ୍ରଦାନ ହୋଇଥିଲା। ଫଳାଫଳ ଘୋଷଣା ପରେ ବିଭିନ୍ନ ଦଳର ପ୍ରତିକ୍ରିୟା ଆସିଛି। ଦଳୀୟ କର୍ମୀମାନେ ଉତ୍ସାହିତ ହୋଇଛନ୍ତି।

ନିର୍ବାଚନ କମିଶନଙ୍କ ତଥ୍ୟ ଅନୁଯାୟୀ, ଅଧିକାଂଶ ଆସନରେ କଡ଼ା ମୁକାବିଲା ଦେଖିବାକୁ ମିଳିଥିଲା। ଗଣତି କେନ୍ଦ୍ରଗୁଡ଼ିକରେ କଡ଼ା ସୁରକ୍ଷା ବ୍ୟବସ୍ଥା କରାଯାଇଥିଲା।

ସଞ୍ଜୟ ରାୟ ଏକମାତ୍ର...

୧୦ ତାରିଖରେ କୋଲକାତା ପୋଲିସ ତାଙ୍କୁ ଗିରଫ କରିଥିଲା। ସିବିଆଇ ତଦନ୍ତ ପରେ ଚାର୍ଜସିଟ ଦାଖଲ କରାଯାଇଛି। ଅଭିଯୁକ୍ତଙ୍କ ବିରୋଧରେ ଯଥେଷ୍ଟ ପ୍ରମାଣ ମିଳିଛି ବୋଲି ତଦନ୍ତକାରୀ ସଂସ୍ଥା କହିଛି।

ବଦଳିବ ସରକାରୀ...

ଶୃଙ୍ଖଳା ରକ୍ଷା ସହ ସରକାରୀ କାର୍ଯ୍ୟରେ ସ୍ୱଚ୍ଛତା ଆଣିବା ଲକ୍ଷ୍ୟରେ ଏହି ନିଷ୍ପତ୍ତି ନିଆଯାଇଛି। ନୂଆ ନିୟମ ଅନୁଯାୟୀ କର୍ମଚାରୀମାନଙ୍କ ଉପସ୍ଥାନ ବାୟୋମେଟ୍ରିକ ମାଧ୍ୟମରେ ଗ୍ରହଣ କରାଯିବ।

ବିଭାଗୀୟ ମୁଖ୍ୟମାନଙ୍କୁ ନିୟମିତ ସମୀକ୍ଷା କରିବା ପାଇଁ ନିର୍ଦ୍ଦେଶ ଦିଆଯାଇଛି। ଅଫିସ ସମୟ ମଧ୍ୟ ପରିବର୍ତ୍ତନ ହୋଇପାରେ ବୋଲି ସୂଚନା ମିଳିଛି।

ଆଜି ହରିୟାଣା, କଶ୍ମୀର...

ଜମ୍ମୁ କଶ୍ମୀରରେ ୩ ପର୍ଯ୍ୟାୟ ସେପ୍ଟେମ୍ବର ୧୮, ୨୫ ଏବଂ ଅକ୍ଟୋବର ୧ରେ ମତଦାନ ହୋଇଥିଲା। ହରିୟାଣାରେ ଏକ ପର୍ଯ୍ୟାୟରେ ଅକ୍ଟୋବର ୫ରେ ଭୋଟ ଗ୍ରହଣ କରାଯାଇଥିଲା। ଆଜି ସକାଳ ୮ଟାରୁ ଗଣତି ଆରମ୍ଭ ହେବ।

ଏକ୍ଜିଟ ପୋଲ ଅନୁଯାୟୀ ଉଭୟ ରାଜ୍ୟରେ କଂଗ୍ରେସ ଆଗରେ ରହିଛି। ତେବେ ବିଜେପି ଏହାକୁ ପ୍ରତ୍ୟାଖ୍ୟାନ କରିଛି ଏବଂ ସରକାର ଗଠନ କରିବା ଦାବି କରିଛି।

ଜମ୍ମୁ କଶ୍ମୀରରେ ୯୦ ଆସନ ବିଶିଷ୍ଟ ବିଧାନସଭା ପାଇଁ ୬୩.୮୮ ପ୍ରତିଶତ ମତଦାନ ହୋଇଥିଲା। ହରିୟାଣାରେ ୬୭.୯୦ ପ୍ରତିଶତ ଭୋଟ ପଡ଼ିଥିଲା।

ନିର୍ବାଚନ କମିଶନ ସମସ୍ତ ଗଣତି କେନ୍ଦ୍ରରେ କଡ଼ା ସୁରକ୍ଷା ବ୍ୟବସ୍ଥା କରିଛନ୍ତି। ଫଳାଫଳ ଅପରାହ୍ନ ସୁଦ୍ଧା ସ୍ପଷ୍ଟ ହୋଇଯିବ ବୋଲି ଆଶା କରାଯାଉଛି।

ପଶ୍ଚିମ, ଦକ୍ଷିଣ ଓଡ଼ିଶା...

ଚାଷୀମାନେ ଏହି ବର୍ଷା ଫଳରେ ଖୁସି ଅଛନ୍ତି। ଧାନ ଫସଲ ପାଇଁ ଏହା ଉପକାରୀ ହେବ। ତେବେ ନିମ୍ନାଞ୍ଚଳରେ ଜଳ ଜମି ରହିବା ଆଶଙ୍କା ରହିଛି।

ପାଣିପାଗ ବିଭାଗ ଆସନ୍ତା ୪୮ ଘଣ୍ଟା ପାଇଁ ଅଧିକାଂଶ ଜିଲ୍ଲାରେ ହାଲୁକାରୁ ମଧ୍ୟମ ଧରଣର ବର୍ଷା ହେବାର ସମ୍ଭାବନା ଥିବା ସୂଚନା ଦେଇଛି। ମତ୍ସ୍ୟଜୀବୀଙ୍କୁ ସତର୍କ ରହିବାକୁ କୁହାଯାଇଛି।
